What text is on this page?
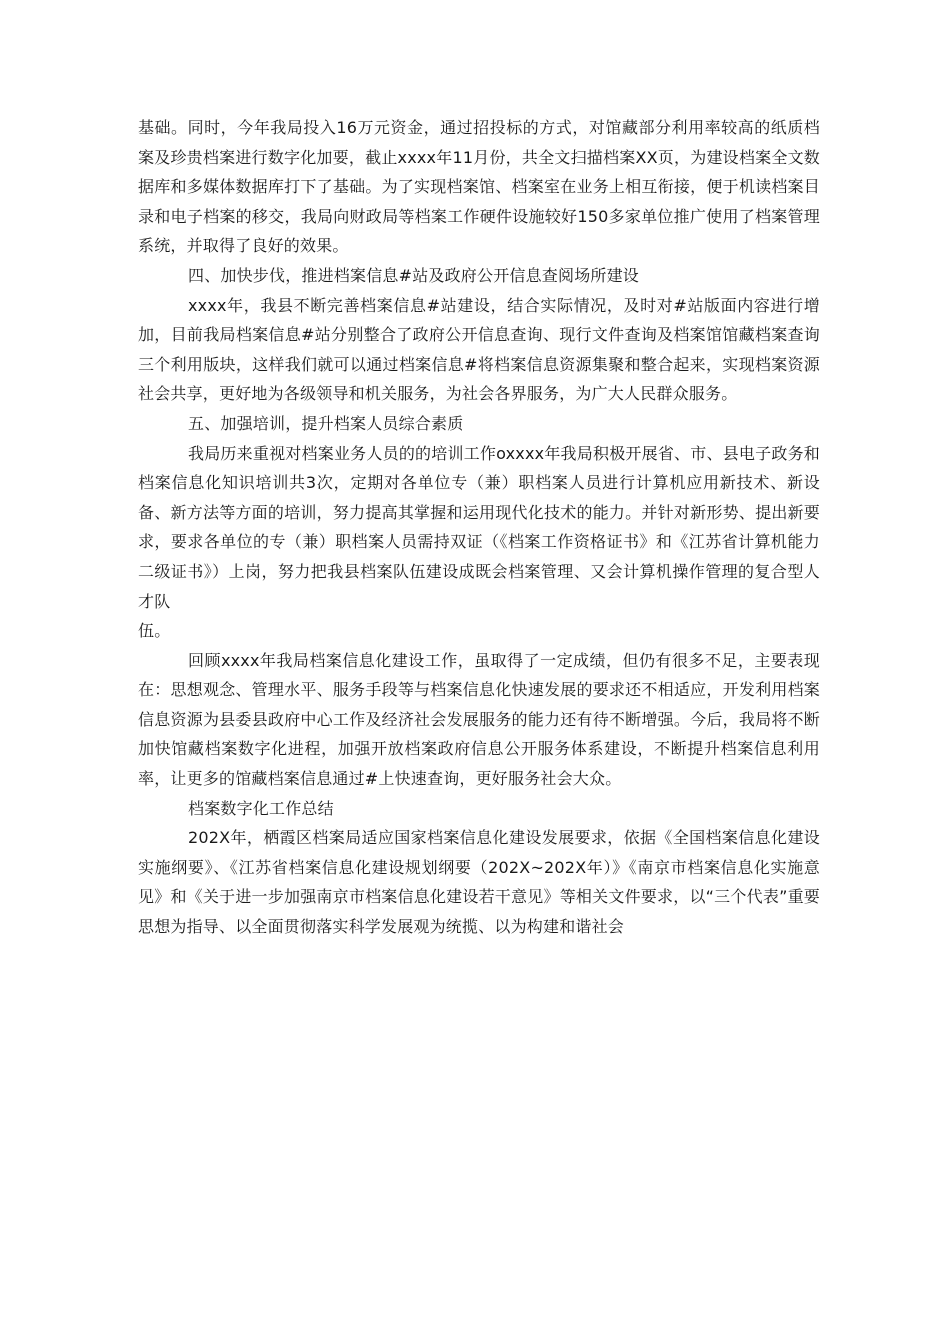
基础。同时，今年我局投入16万元资金，通过招投标的方式，对馆藏部分利用率较高的纸质档案及珍贵档案进行数字化加要，截止xxxx年11月份，共全文扫描档案XX页，为建设档案全文数据库和多媒体数据库打下了基础。为了实现档案馆、档案室在业务上相互衔接，便于机读档案目录和电子档案的移交，我局向财政局等档案工作硬件设施较好150多家单位推广使用了档案管理系统，并取得了良好的效果。

四、加快步伐，推进档案信息#站及政府公开信息查阅场所建设

xxxx年，我县不断完善档案信息#站建设，结合实际情况，及时对#站版面内容进行增加，目前我局档案信息#站分别整合了政府公开信息查询、现行文件查询及档案馆馆藏档案查询三个利用版块，这样我们就可以通过档案信息#将档案信息资源集聚和整合起来，实现档案资源社会共享，更好地为各级领导和机关服务，为社会各界服务，为广大人民群众服务。

五、加强培训，提升档案人员综合素质

我局历来重视对档案业务人员的的培训工作oxxxx年我局积极开展省、市、县电子政务和档案信息化知识培训共3次，定期对各单位专（兼）职档案人员进行计算机应用新技术、新设备、新方法等方面的培训，努力提高其掌握和运用现代化技术的能力。并针对新形势、提出新要求，要求各单位的专（兼）职档案人员需持双证（《档案工作资格证书》和《江苏省计算机能力二级证书》）上岗，努力把我县档案队伍建设成既会档案管理、又会计算机操作管理的复合型人才队

伍。

回顾xxxx年我局档案信息化建设工作，虽取得了一定成绩，但仍有很多不足，主要表现在：思想观念、管理水平、服务手段等与档案信息化快速发展的要求还不相适应，开发利用档案信息资源为县委县政府中心工作及经济社会发展服务的能力还有待不断增强。今后，我局将不断加快馆藏档案数字化进程，加强开放档案政府信息公开服务体系建设，不断提升档案信息利用率，让更多的馆藏档案信息通过#上快速查询，更好服务社会大众。

档案数字化工作总结

202X年，栖霞区档案局适应国家档案信息化建设发展要求，依据《全国档案信息化建设实施纲要》、《江苏省档案信息化建设规划纲要（202X~202X年）》《南京市档案信息化实施意见》和《关于进一步加强南京市档案信息化建设若干意见》等相关文件要求，以“三个代表”重要思想为指导、以全面贯彻落实科学发展观为统揽、以为构建和谐社会
